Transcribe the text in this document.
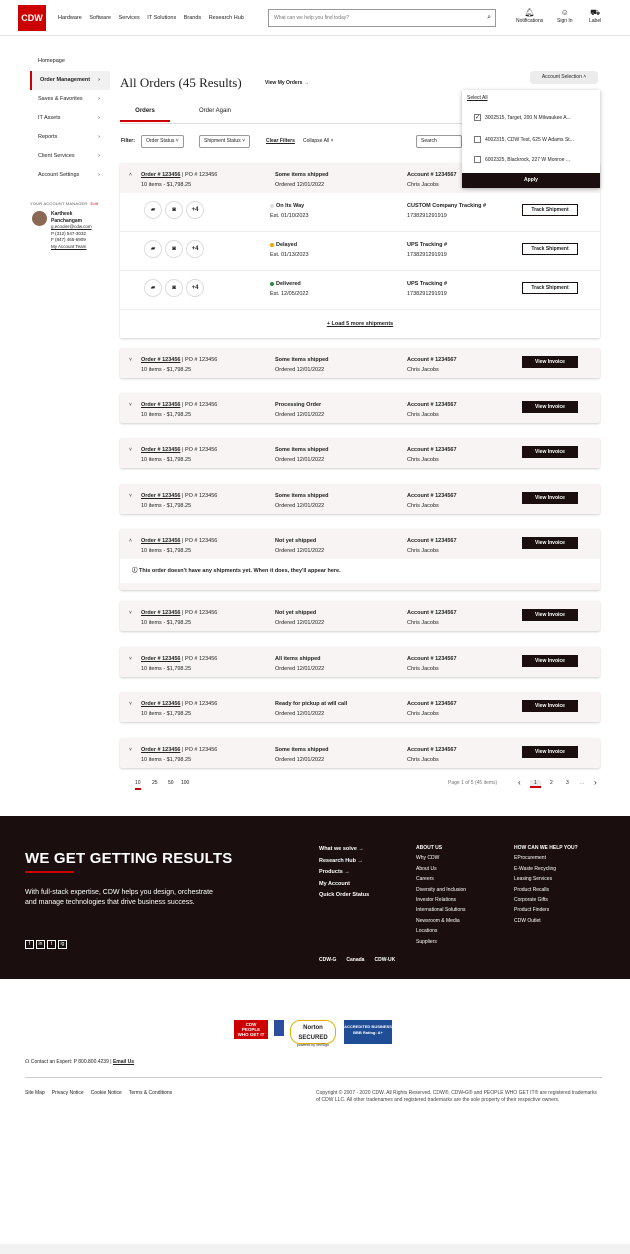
CDW	Hardware Software Services IT Solutions Brands Research Hub	What can we help you find today?	⌕
🔔︎
Notifications
☺
Sign In
⛟
Label
Homepage
Order Management ›
Saves & Favorites	›
IT Assets	›
Reports	›
Client Services	›
Account Settings	›
YOUR ACCOUNT MANAGER Edit
Kartheek
Panchangam
g.ecooler@cdw.com
P (312) 547-3032
F (847) 465-6909
My Account Team
All Orders (45 Results)	View My Orders →
Account Selection ˄
Select All
✓ 3002515, Target, 200 N Milwaukee A...
4002315, CDW Test, 625 W Adams St...
6002325, Blackrock, 227 W Monroe ...
Apply
Orders	Order Again
Filter:	Order Status ˅	Shipment Status ˅	Clear Filters Collapse All ×	Search
˄ Order # 123456 | PO # 123456
10 items - $1,798.25
Some items shipped
Ordered 12/01/2022
Account # 1234567
Chris Jacobs
▰	◙	+4
On Its Way
Est. 01/10/2023
CUSTOM Company Tracking #
1738291291919
Track Shipment
▰	◙	+4
Delayed
Est. 01/13/2023
UPS Tracking #
1738291291919
Track Shipment
▰	◙	+4
Delivered
Est. 12/05/2022
UPS Tracking #
1738291291919
Track Shipment
+ Load 5 more shipments
˅ Order # 123456 | PO # 123456
10 items - $1,798.25
Some items shipped
Ordered 12/01/2022
Account # 1234567
Chris Jacobs
View Invoice
˅ Order # 123456 | PO # 123456
10 items - $1,798.25
Processing Order
Ordered 12/01/2022
Account # 1234567
Chris Jacobs
View Invoice
˅ Order # 123456 | PO # 123456
10 items - $1,798.25
Some items shipped
Ordered 12/01/2022
Account # 1234567
Chris Jacobs
View Invoice
˅ Order # 123456 | PO # 123456
10 items - $1,798.25
Some items shipped
Ordered 12/01/2022
Account # 1234567
Chris Jacobs
View Invoice
˄ Order # 123456 | PO # 123456
10 items - $1,798.25
Not yet shipped
Ordered 12/01/2022
Account # 1234567
Chris Jacobs
View Invoice
ⓘ This order doesn't have any shipments yet. When it does, they'll appear here.
˅ Order # 123456 | PO # 123456
10 items - $1,798.25
Not yet shipped
Ordered 12/01/2022
Account # 1234567
Chris Jacobs
View Invoice
˅ Order # 123456 | PO # 123456
10 items - $1,798.25
All items shipped
Ordered 12/01/2022
Account # 1234567
Chris Jacobs
View Invoice
˅ Order # 123456 | PO # 123456
10 items - $1,798.25
Ready for pickup at will call
Ordered 12/01/2022
Account # 1234567
Chris Jacobs
View Invoice
˅ Order # 123456 | PO # 123456
10 items - $1,798.25
Some items shipped
Ordered 12/01/2022
Account # 1234567
Chris Jacobs
View Invoice
10 25 50 100	Page 1 of 5 (45 items)	‹	1	2	3 ... ›
WE GET GETTING RESULTS
With full-stack expertise, CDW helps you design, orchestrate and manage technologies that drive business success.
f in t ig
What we solve →
Research Hub →
Products →
My Account
Quick Order Status
ABOUT US
Why CDW
About Us
Careers
Diversity and Inclusion
Investor Relations
International Solutions
Newsroom & Media
Locations
Suppliers
HOW CAN WE HELP YOU?
EProcurement
E-Waste Recycling
Leasing Services
Product Recalls
Corporate Gifts
Product Finders
CDW Outlet
CDW-G Canada CDW-UK
CDW PEOPLE WHO GET IT
Norton SECURED
powered by VeriSign
ACCREDITED BUSINESS
BBB Rating: A+
☊ Contact an Expert: P 800.800.4239 | Email Us
Site Map Privacy Notice Cookie Notice Terms & Conditions	Copyright © 2007 - 2020 CDW. All Rights Reserved. CDW®, CDW•G® and PEOPLE WHO GET IT® are registered trademarks of CDW LLC. All other tradenames and registered trademarks are the sole property of their respective owners.
